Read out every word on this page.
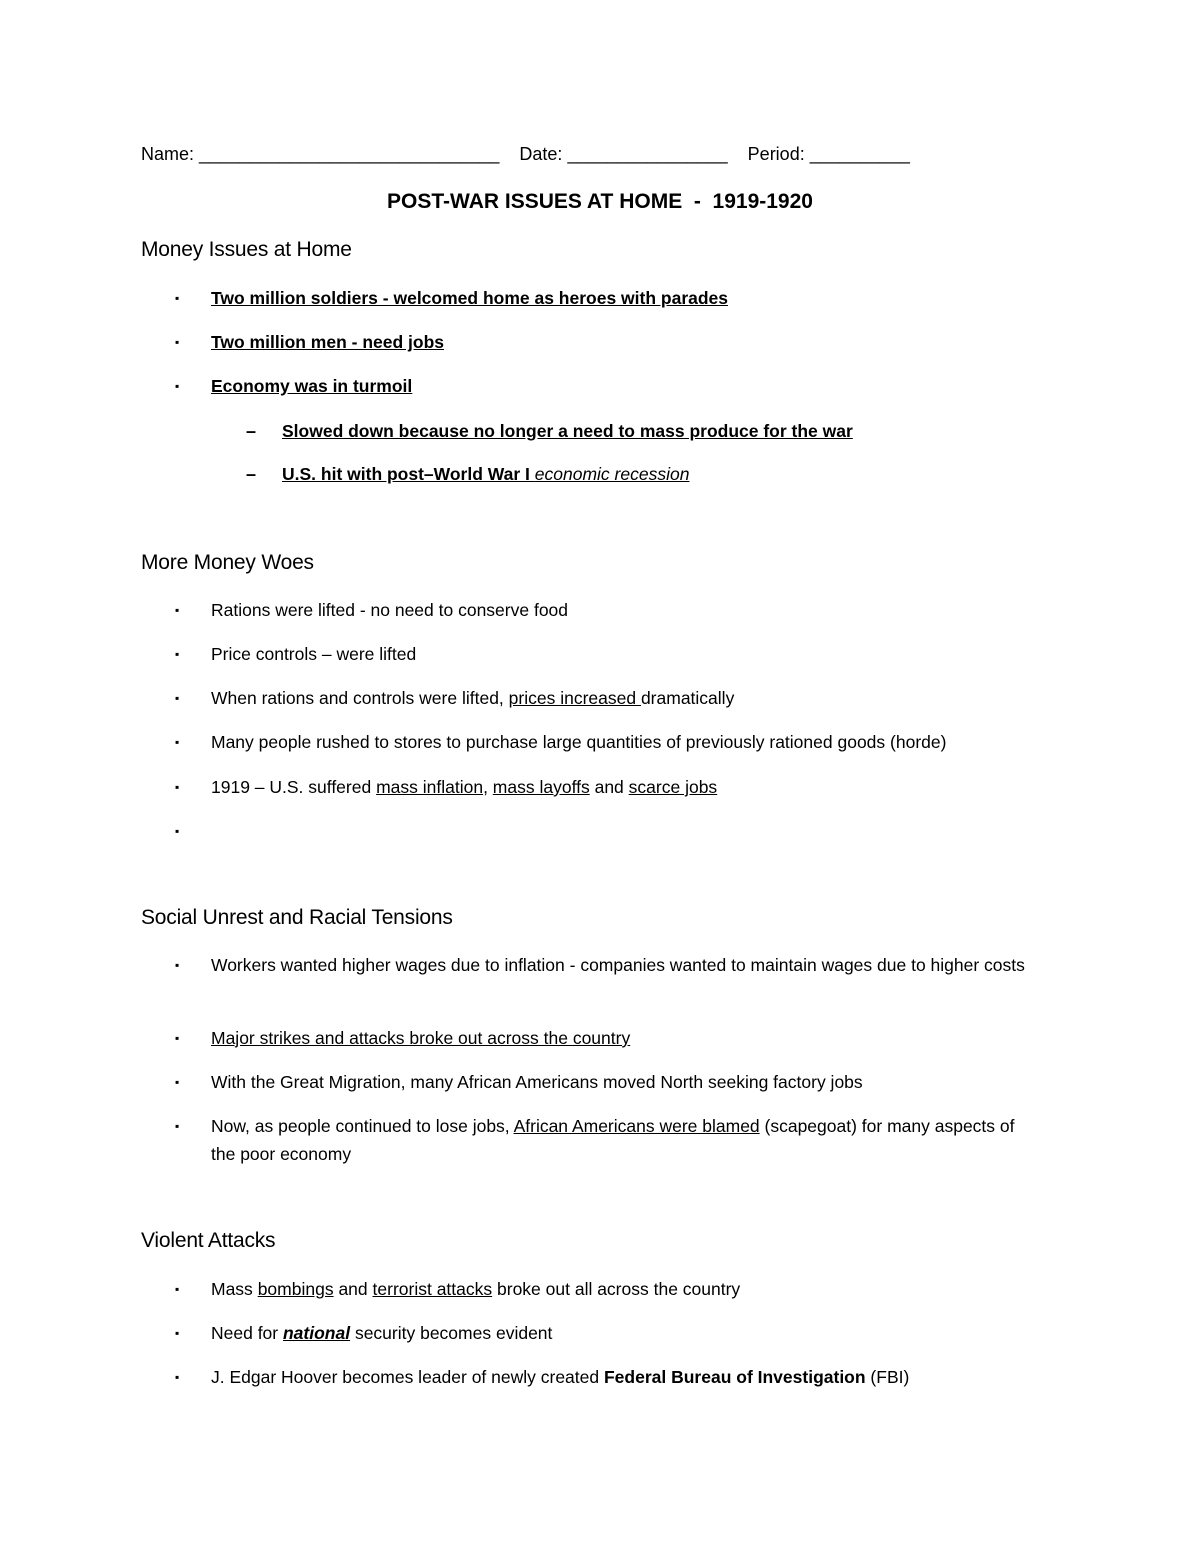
Name: ______________________________ Date: ________________ Period: __________
POST-WAR ISSUES AT HOME  -  1919-1920
Money Issues at Home
▪ Two million soldiers - welcomed home as heroes with parades
▪ Two million men - need jobs
▪ Economy was in turmoil
– Slowed down because no longer a need to mass produce for the war
– U.S. hit with post–World War I economic recession
More Money Woes
▪ Rations were lifted - no need to conserve food
▪ Price controls – were lifted
▪ When rations and controls were lifted, prices increased dramatically
▪ Many people rushed to stores to purchase large quantities of previously rationed goods (horde)
▪ 1919 – U.S. suffered mass inflation, mass layoffs and scarce jobs
▪
Social Unrest and Racial Tensions
▪ Workers wanted higher wages due to inflation - companies wanted to maintain wages due to higher costs
▪ Major strikes and attacks broke out across the country
▪ With the Great Migration, many African Americans moved North seeking factory jobs
▪ Now, as people continued to lose jobs, African Americans were blamed (scapegoat) for many aspects of the poor economy
Violent Attacks
▪ Mass bombings and terrorist attacks broke out all across the country
▪ Need for national security becomes evident
▪ J. Edgar Hoover becomes leader of newly created Federal Bureau of Investigation (FBI)
